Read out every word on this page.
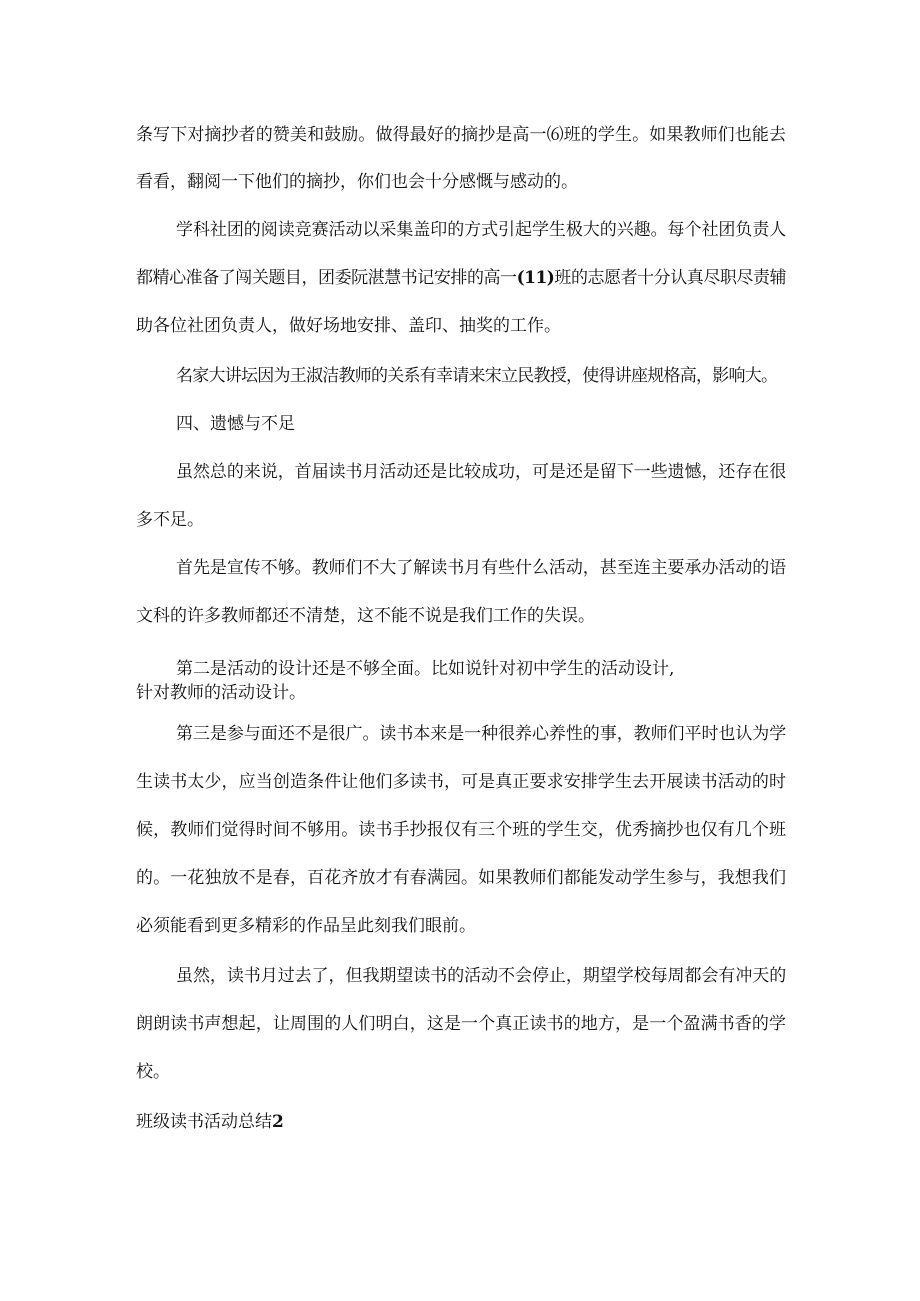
条写下对摘抄者的赞美和鼓励。做得最好的摘抄是高一⑹班的学生。如果教师们也能去
看看，翻阅一下他们的摘抄，你们也会十分感慨与感动的。
学科社团的阅读竞赛活动以采集盖印的方式引起学生极大的兴趣。每个社团负责人
都精心准备了闯关题目，团委阮湛慧书记安排的高一(11)班的志愿者十分认真尽职尽责辅
助各位社团负责人，做好场地安排、盖印、抽奖的工作。
名家大讲坛因为王淑洁教师的关系有幸请来宋立民教授，使得讲座规格高，影响大。
四、遗憾与不足
虽然总的来说，首届读书月活动还是比较成功，可是还是留下一些遗憾，还存在很
多不足。
首先是宣传不够。教师们不大了解读书月有些什么活动，甚至连主要承办活动的语
文科的许多教师都还不清楚，这不能不说是我们工作的失误。
第二是活动的设计还是不够全面。比如说针对初中学生的活动设计,
针对教师的活动设计。
第三是参与面还不是很广。读书本来是一种很养心养性的事，教师们平时也认为学
生读书太少，应当创造条件让他们多读书，可是真正要求安排学生去开展读书活动的时
候，教师们觉得时间不够用。读书手抄报仅有三个班的学生交，优秀摘抄也仅有几个班
的。一花独放不是春，百花齐放才有春满园。如果教师们都能发动学生参与，我想我们
必须能看到更多精彩的作品呈此刻我们眼前。
虽然，读书月过去了，但我期望读书的活动不会停止，期望学校每周都会有冲天的
朗朗读书声想起，让周围的人们明白，这是一个真正读书的地方，是一个盈满书香的学
校。
班级读书活动总结2
